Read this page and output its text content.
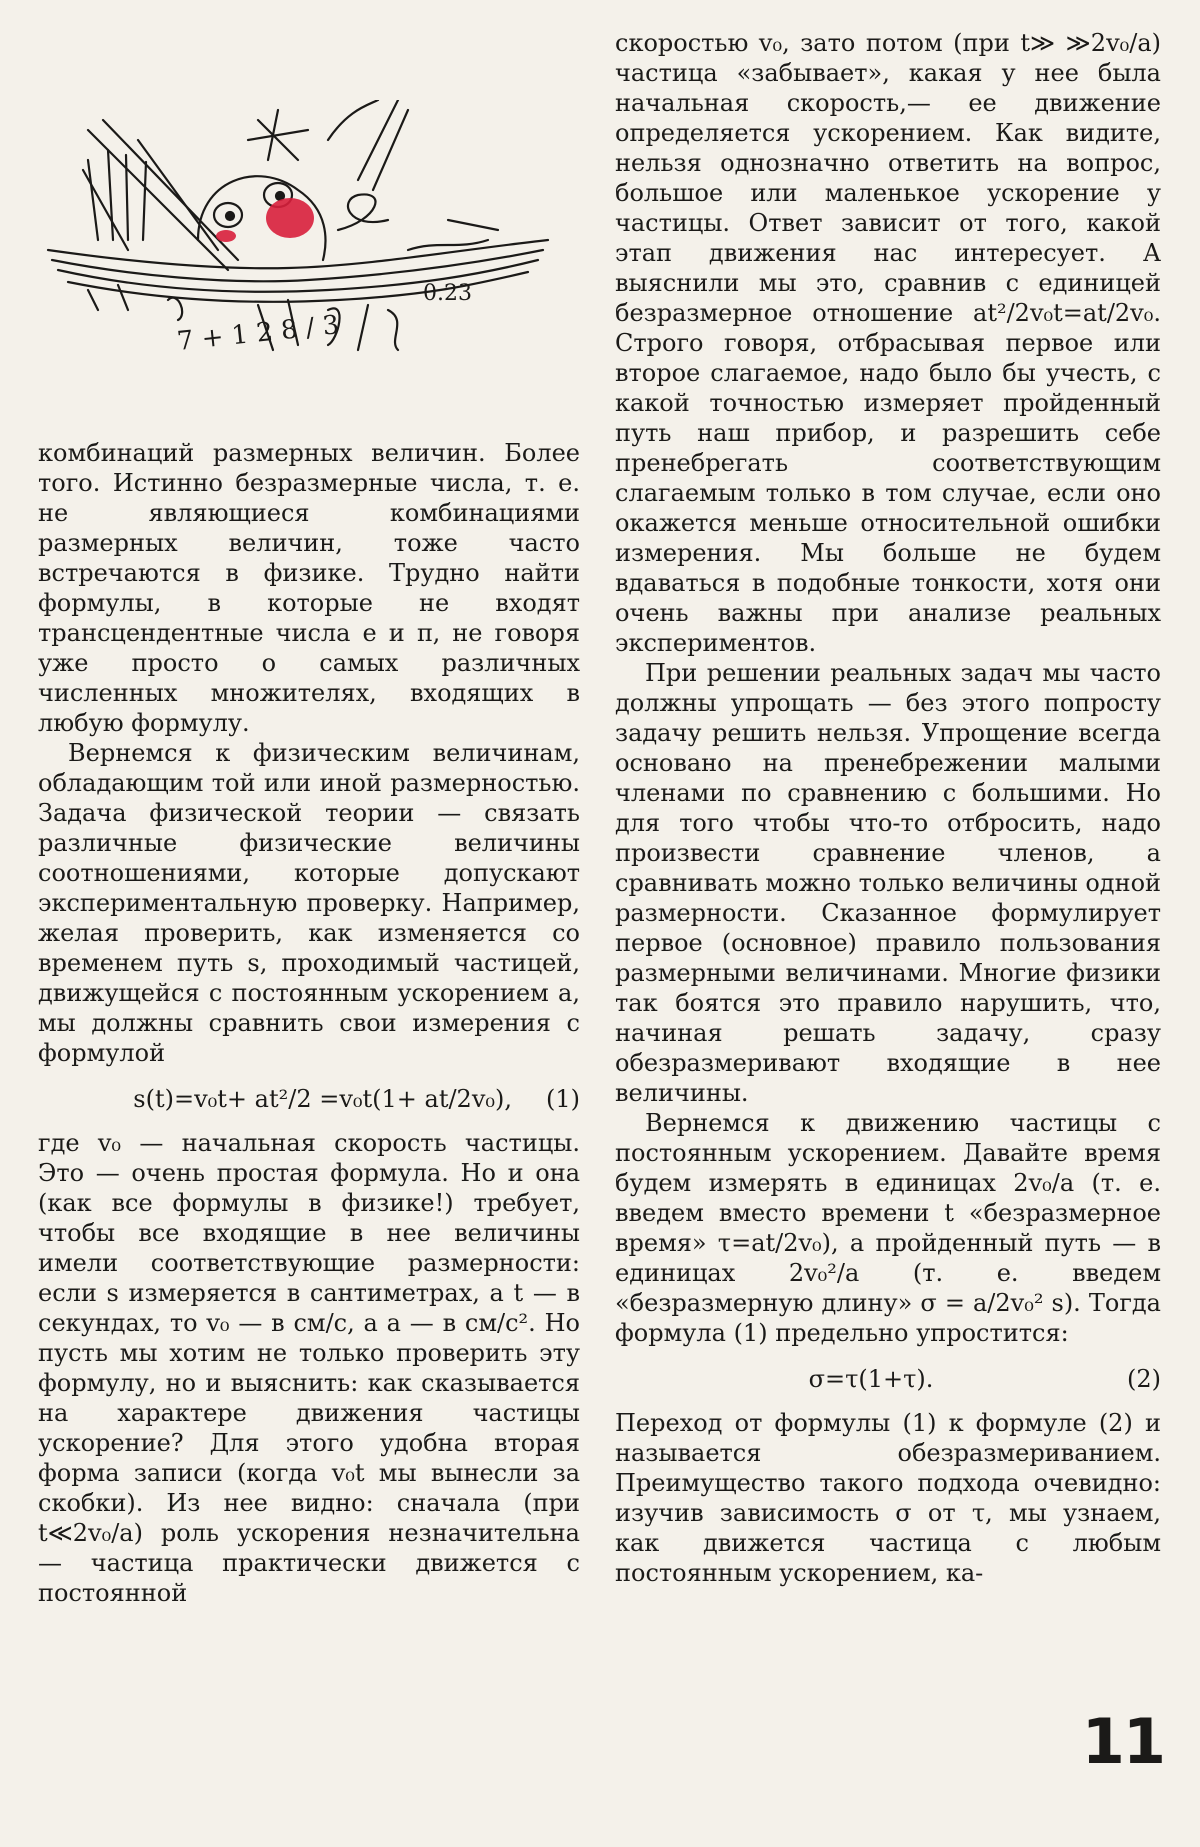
0.23
7 + 1 2 8 / 3

комбинаций размерных величин. Более того. Истинно безразмерные числа, т. е. не являющиеся комбинациями размерных величин, тоже часто встречаются в физике. Трудно найти формулы, в которые не входят трансцендентные числа e и π, не говоря уже просто о самых различных численных множителях, входящих в любую формулу.

Вернемся к физическим величинам, обладающим той или иной размерностью. Задача физической теории — связать различные физические величины соотношениями, которые допускают экспериментальную проверку. Например, желая проверить, как изменяется со временем путь s, проходимый частицей, движущейся с постоянным ускорением a, мы должны сравнить свои измерения с формулой

s(t)=v₀t+ at²/2 =v₀t(1+ at/2v₀), (1)

где v₀ — начальная скорость частицы. Это — очень простая формула. Но и она (как все формулы в физике!) требует, чтобы все входящие в нее величины имели соответствующие размерности: если s измеряется в сантиметрах, а t — в секундах, то v₀ — в см/с, а a — в см/с². Но пусть мы хотим не только проверить эту формулу, но и выяснить: как сказывается на характере движения частицы ускорение? Для этого удобна вторая форма записи (когда v₀t мы вынесли за скобки). Из нее видно: сначала (при t≪2v₀/a) роль ускорения незначительна — частица практически движется с постоянной

скоростью v₀, зато потом (при t≫ ≫2v₀/a) частица «забывает», какая у нее была начальная скорость,— ее движение определяется ускорением. Как видите, нельзя однозначно ответить на вопрос, большое или маленькое ускорение у частицы. Ответ зависит от того, какой этап движения нас интересует. А выяснили мы это, сравнив с единицей безразмерное отношение at²/2v₀t=at/2v₀. Строго говоря, отбрасывая первое или второе слагаемое, надо было бы учесть, с какой точностью измеряет пройденный путь наш прибор, и разрешить себе пренебрегать соответствующим слагаемым только в том случае, если оно окажется меньше относительной ошибки измерения. Мы больше не будем вдаваться в подобные тонкости, хотя они очень важны при анализе реальных экспериментов.

При решении реальных задач мы часто должны упрощать — без этого попросту задачу решить нельзя. Упрощение всегда основано на пренебрежении малыми членами по сравнению с большими. Но для того чтобы что-то отбросить, надо произвести сравнение членов, а сравнивать можно только величины одной размерности. Сказанное формулирует первое (основное) правило пользования размерными величинами. Многие физики так боятся это правило нарушить, что, начиная решать задачу, сразу обезразмеривают входящие в нее величины.

Вернемся к движению частицы с постоянным ускорением. Давайте время будем измерять в единицах 2v₀/a (т. е. введем вместо времени t «безразмерное время» τ=at/2v₀), а пройденный путь — в единицах 2v₀²/a (т. е. введем «безразмерную длину» σ = a/2v₀² s). Тогда формула (1) предельно упростится:

σ=τ(1+τ).	(2)

Переход от формулы (1) к формуле (2) и называется обезразмериванием. Преимущество такого подхода очевидно: изучив зависимость σ от τ, мы узнаем, как движется частица с любым постоянным ускорением, ка-

11
